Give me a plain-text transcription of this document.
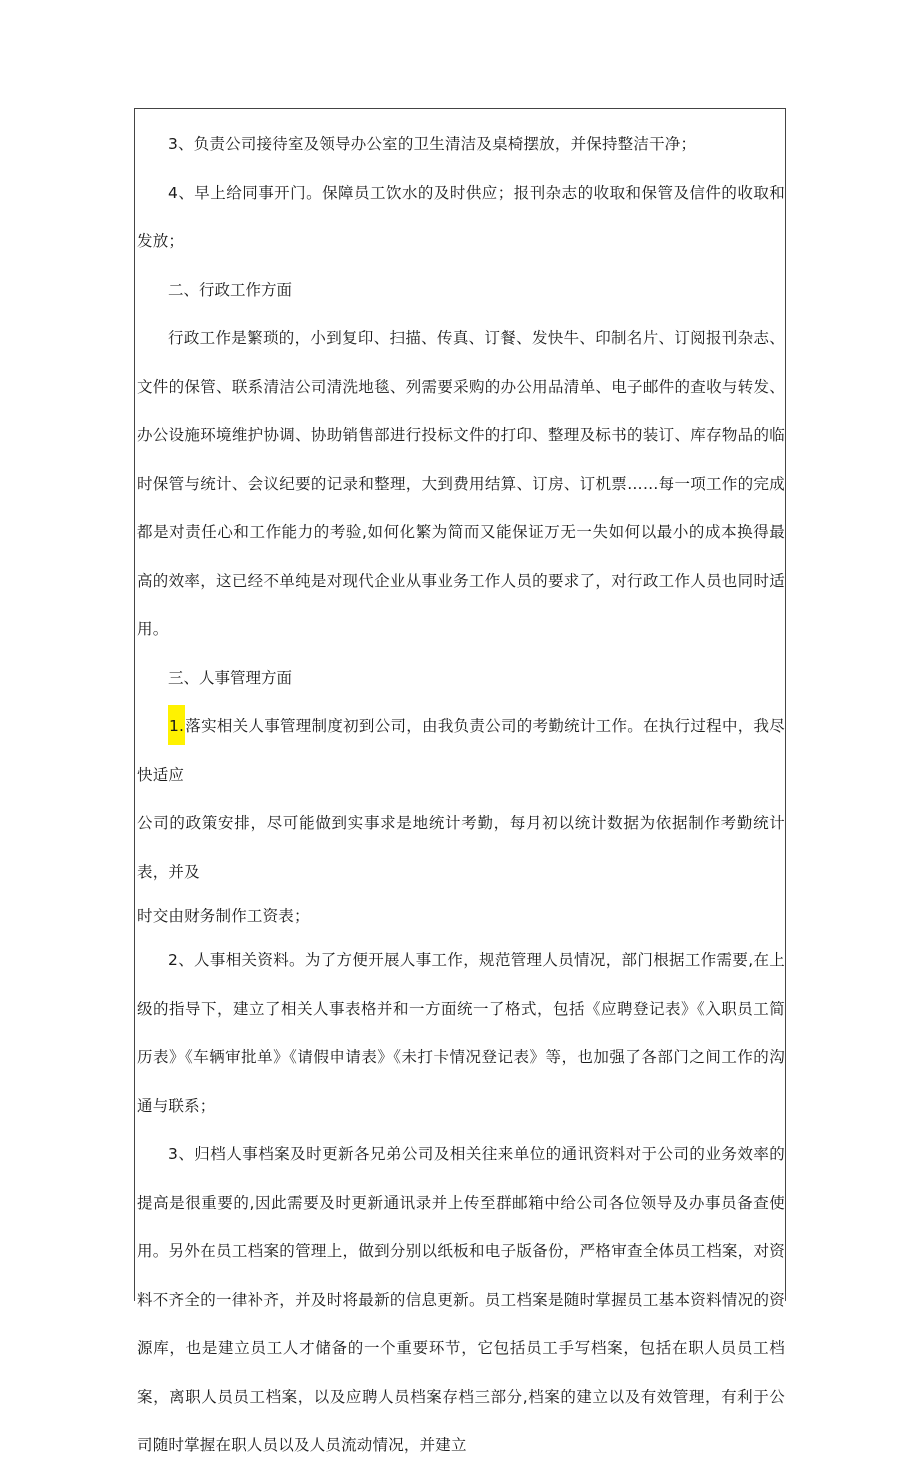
3、负责公司接待室及领导办公室的卫生清洁及桌椅摆放，并保持整洁干净；

4、早上给同事开门。保障员工饮水的及时供应；报刊杂志的收取和保管及信件的收取和发放；

二、行政工作方面

行政工作是繁琐的，小到复印、扫描、传真、订餐、发快牛、印制名片、订阅报刊杂志、文件的保管、联系清洁公司清洗地毯、列需要采购的办公用品清单、电子邮件的查收与转发、办公设施环境维护协调、协助销售部进行投标文件的打印、整理及标书的装订、库存物品的临时保管与统计、会议纪要的记录和整理，大到费用结算、订房、订机票……每一项工作的完成都是对责任心和工作能力的考验,如何化繁为简而又能保证万无一失如何以最小的成本换得最高的效率，这已经不单纯是对现代企业从事业务工作人员的要求了，对行政工作人员也同时适用。

三、人事管理方面

1.落实相关人事管理制度初到公司，由我负责公司的考勤统计工作。在执行过程中，我尽快适应

公司的政策安排，尽可能做到实事求是地统计考勤，每月初以统计数据为依据制作考勤统计表，并及

时交由财务制作工资表；

2、人事相关资料。为了方便开展人事工作，规范管理人员情况，部门根据工作需要,在上级的指导下，建立了相关人事表格并和一方面统一了格式，包括《应聘登记表》《入职员工简历表》《车辆审批单》《请假申请表》《未打卡情况登记表》等，也加强了各部门之间工作的沟通与联系；

3、归档人事档案及时更新各兄弟公司及相关往来单位的通讯资料对于公司的业务效率的提高是很重要的,因此需要及时更新通讯录并上传至群邮箱中给公司各位领导及办事员备查使用。另外在员工档案的管理上，做到分别以纸板和电子版备份，严格审查全体员工档案，对资料不齐全的一律补齐，并及时将最新的信息更新。员工档案是随时掌握员工基本资料情况的资源库，也是建立员工人才储备的一个重要环节，它包括员工手写档案，包括在职人员员工档案，离职人员员工档案，以及应聘人员档案存档三部分,档案的建立以及有效管理，有利于公司随时掌握在职人员以及人员流动情况，并建立
